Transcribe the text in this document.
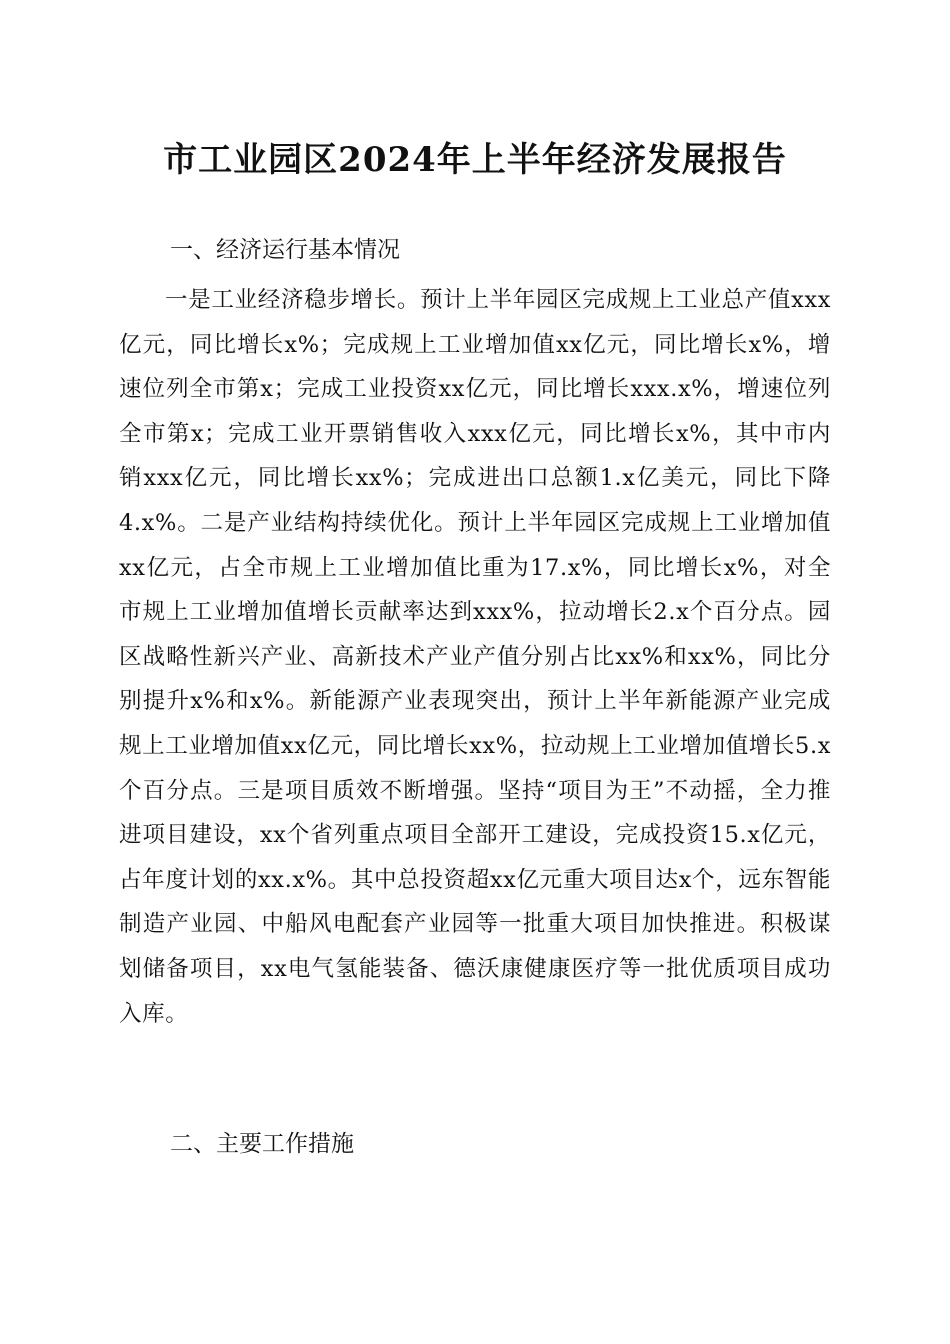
市工业园区2024年上半年经济发展报告
一、经济运行基本情况

一是工业经济稳步增长。预计上半年园区完成规上工业总产值xxx亿元，同比增长x%；完成规上工业增加值xx亿元，同比增长x%，增速位列全市第x；完成工业投资xx亿元，同比增长xxx.x%，增速位列全市第x；完成工业开票销售收入xxx亿元，同比增长x%，其中市内销xxx亿元，同比增长xx%；完成进出口总额1.x亿美元，同比下降4.x%。二是产业结构持续优化。预计上半年园区完成规上工业增加值xx亿元，占全市规上工业增加值比重为17.x%，同比增长x%，对全市规上工业增加值增长贡献率达到xxx%，拉动增长2.x个百分点。园区战略性新兴产业、高新技术产业产值分别占比xx%和xx%，同比分别提升x%和x%。新能源产业表现突出，预计上半年新能源产业完成规上工业增加值xx亿元，同比增长xx%，拉动规上工业增加值增长5.x个百分点。三是项目质效不断增强。坚持“项目为王”不动摇，全力推进项目建设，xx个省列重点项目全部开工建设，完成投资15.x亿元，占年度计划的xx.x%。其中总投资超xx亿元重大项目达x个，远东智能制造产业园、中船风电配套产业园等一批重大项目加快推进。积极谋划储备项目，xx电气氢能装备、德沃康健康医疗等一批优质项目成功入库。

二、主要工作措施
